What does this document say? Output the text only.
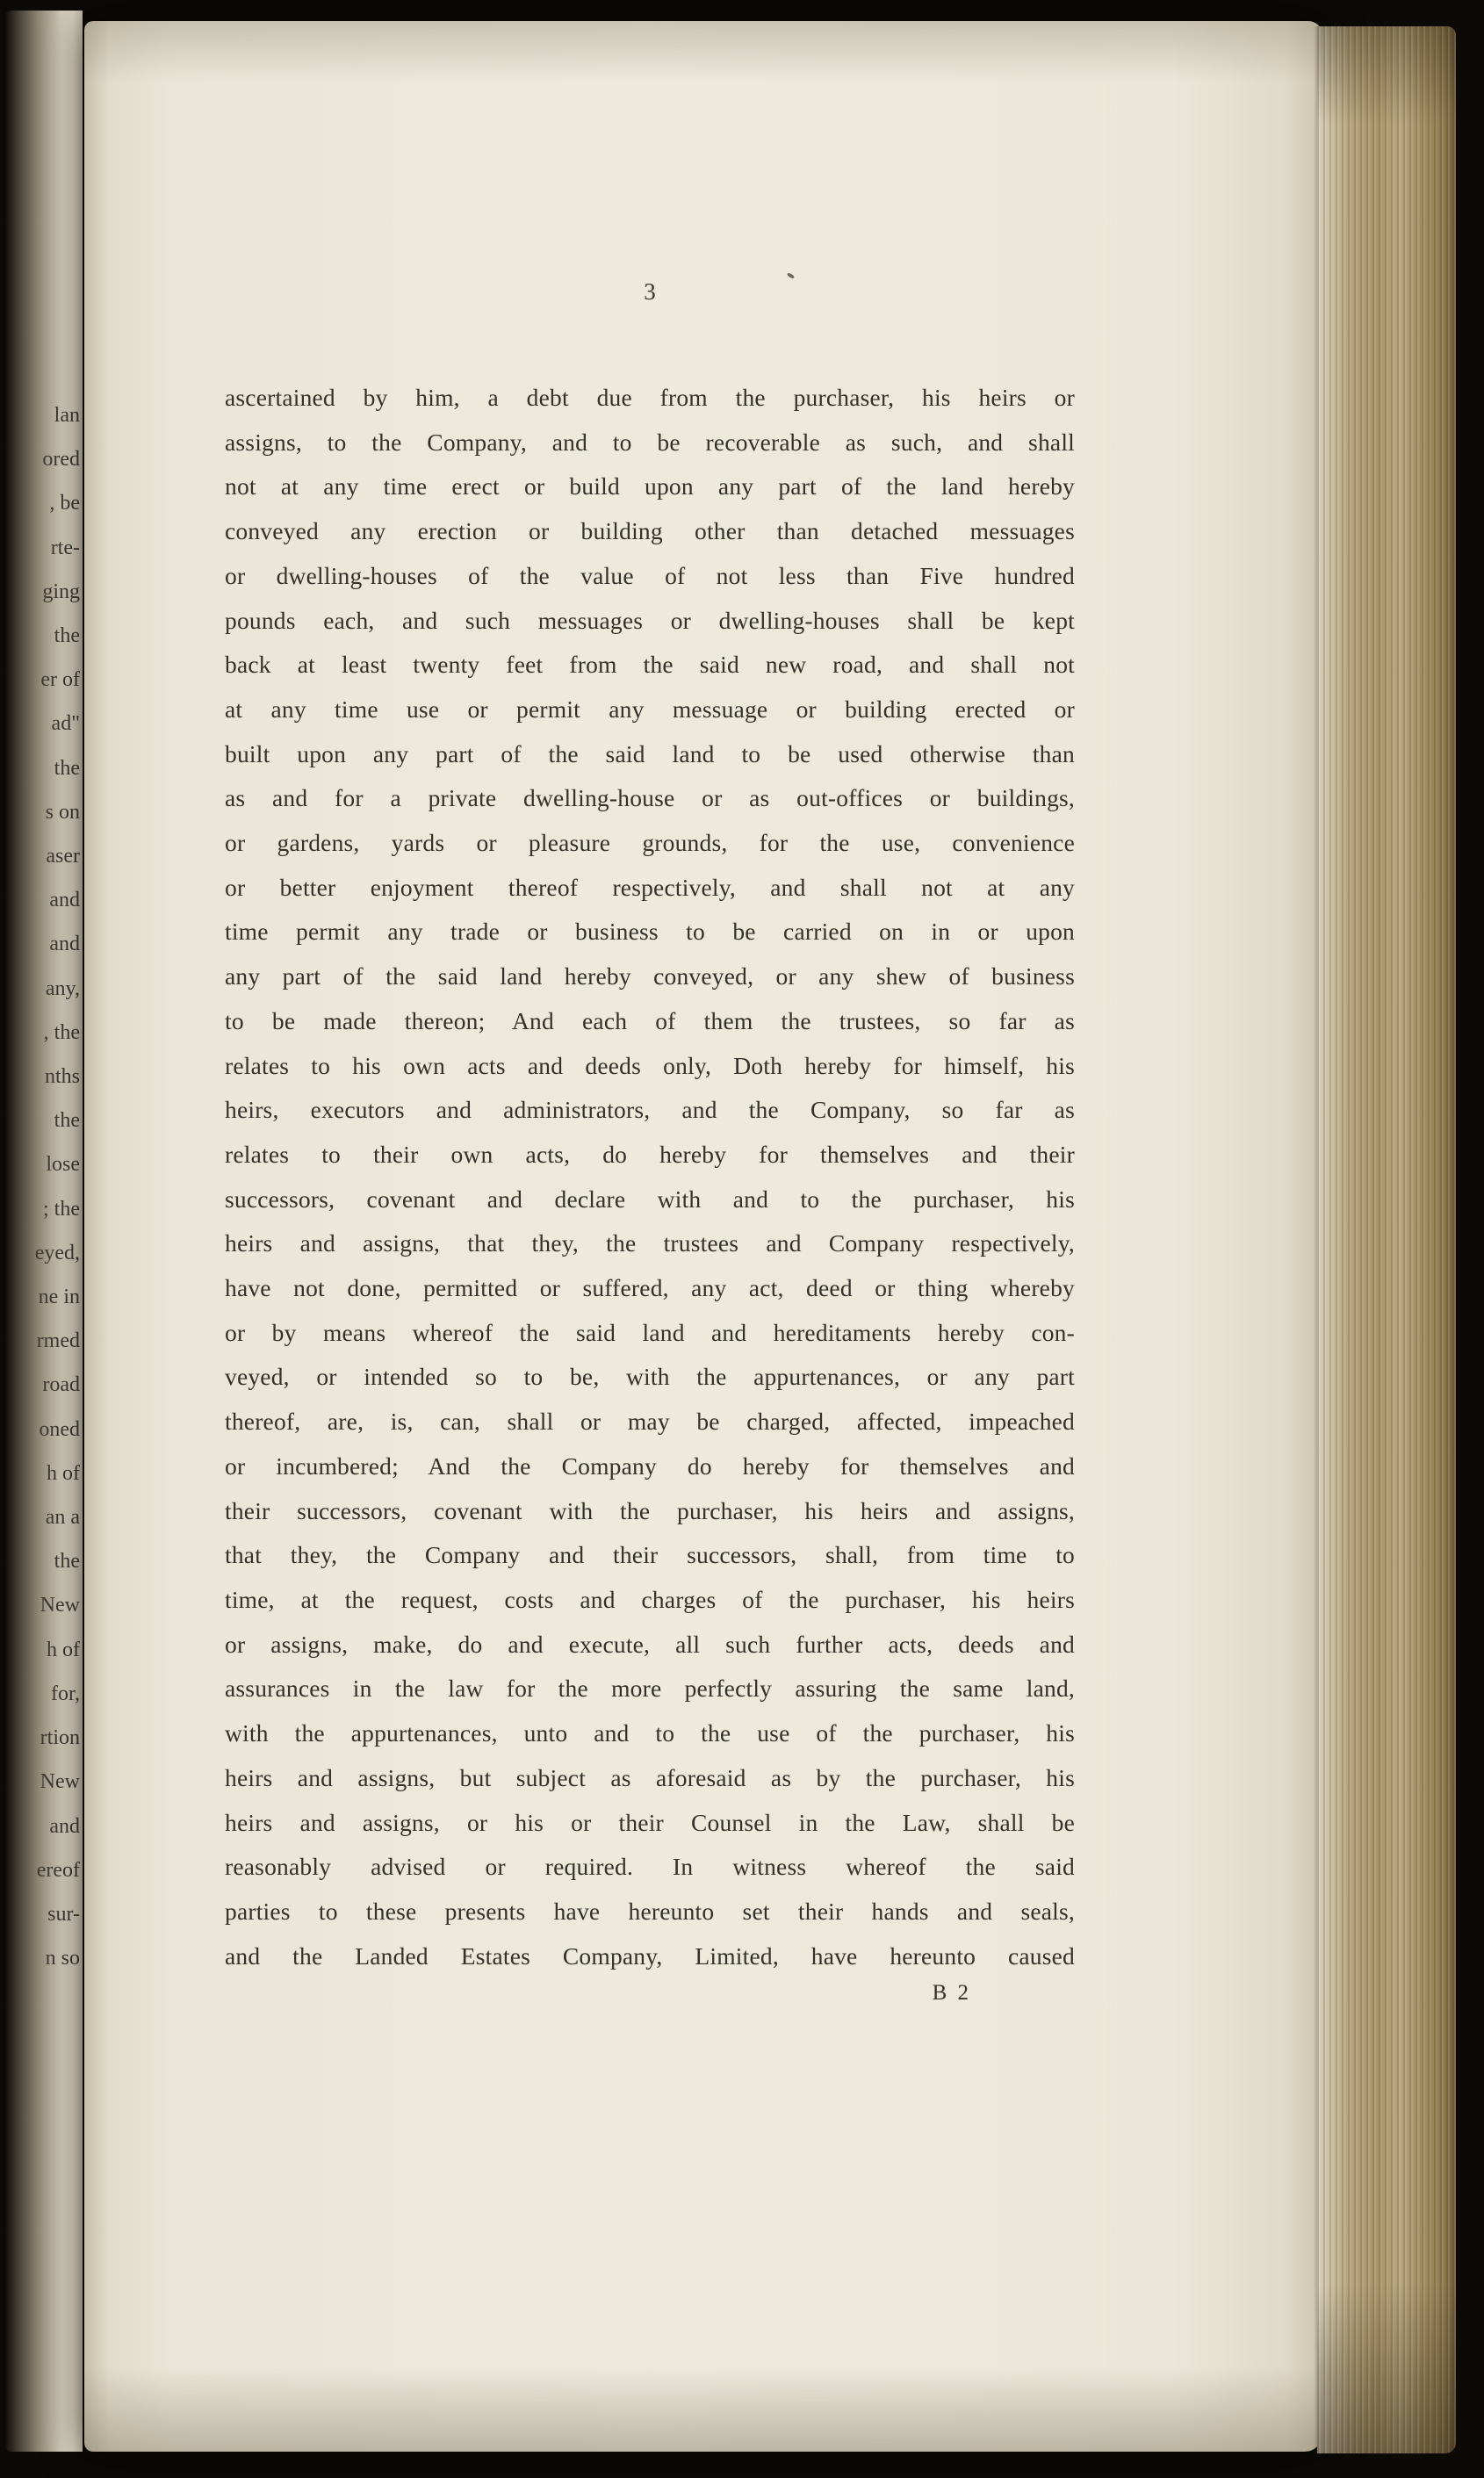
lan
ored
, be
rte-
ging
the
er of
ad"
the
s on
aser
and
and
any,
, the
nths
the
lose
; the
eyed,
ne in
rmed
road
oned
h of
an a
the
New
h of
for,
rtion
New
and
ereof
sur-
n so
3
ascertained by him, a debt due from the purchaser, his heirs or
assigns, to the Company, and to be recoverable as such, and shall
not at any time erect or build upon any part of the land hereby
conveyed any erection or building other than detached messuages
or dwelling-houses of the value of not less than Five hundred
pounds each, and such messuages or dwelling-houses shall be kept
back at least twenty feet from the said new road, and shall not
at any time use or permit any messuage or building erected or
built upon any part of the said land to be used otherwise than
as and for a private dwelling-house or as out-offices or buildings,
or gardens, yards or pleasure grounds, for the use, convenience
or better enjoyment thereof respectively, and shall not at any
time permit any trade or business to be carried on in or upon
any part of the said land hereby conveyed, or any shew of business
to be made thereon; And each of them the trustees, so far as
relates to his own acts and deeds only, Doth hereby for himself, his
heirs, executors and administrators, and the Company, so far as
relates to their own acts, do hereby for themselves and their
successors, covenant and declare with and to the purchaser, his
heirs and assigns, that they, the trustees and Company respectively,
have not done, permitted or suffered, any act, deed or thing whereby
or by means whereof the said land and hereditaments hereby con-
veyed, or intended so to be, with the appurtenances, or any part
thereof, are, is, can, shall or may be charged, affected, impeached
or incumbered; And the Company do hereby for themselves and
their successors, covenant with the purchaser, his heirs and assigns,
that they, the Company and their successors, shall, from time to
time, at the request, costs and charges of the purchaser, his heirs
or assigns, make, do and execute, all such further acts, deeds and
assurances in the law for the more perfectly assuring the same land,
with the appurtenances, unto and to the use of the purchaser, his
heirs and assigns, but subject as aforesaid as by the purchaser, his
heirs and assigns, or his or their Counsel in the Law, shall be
reasonably advised or required. In witness whereof the said
parties to these presents have hereunto set their hands and seals,
and the Landed Estates Company, Limited, have hereunto caused
B 2
